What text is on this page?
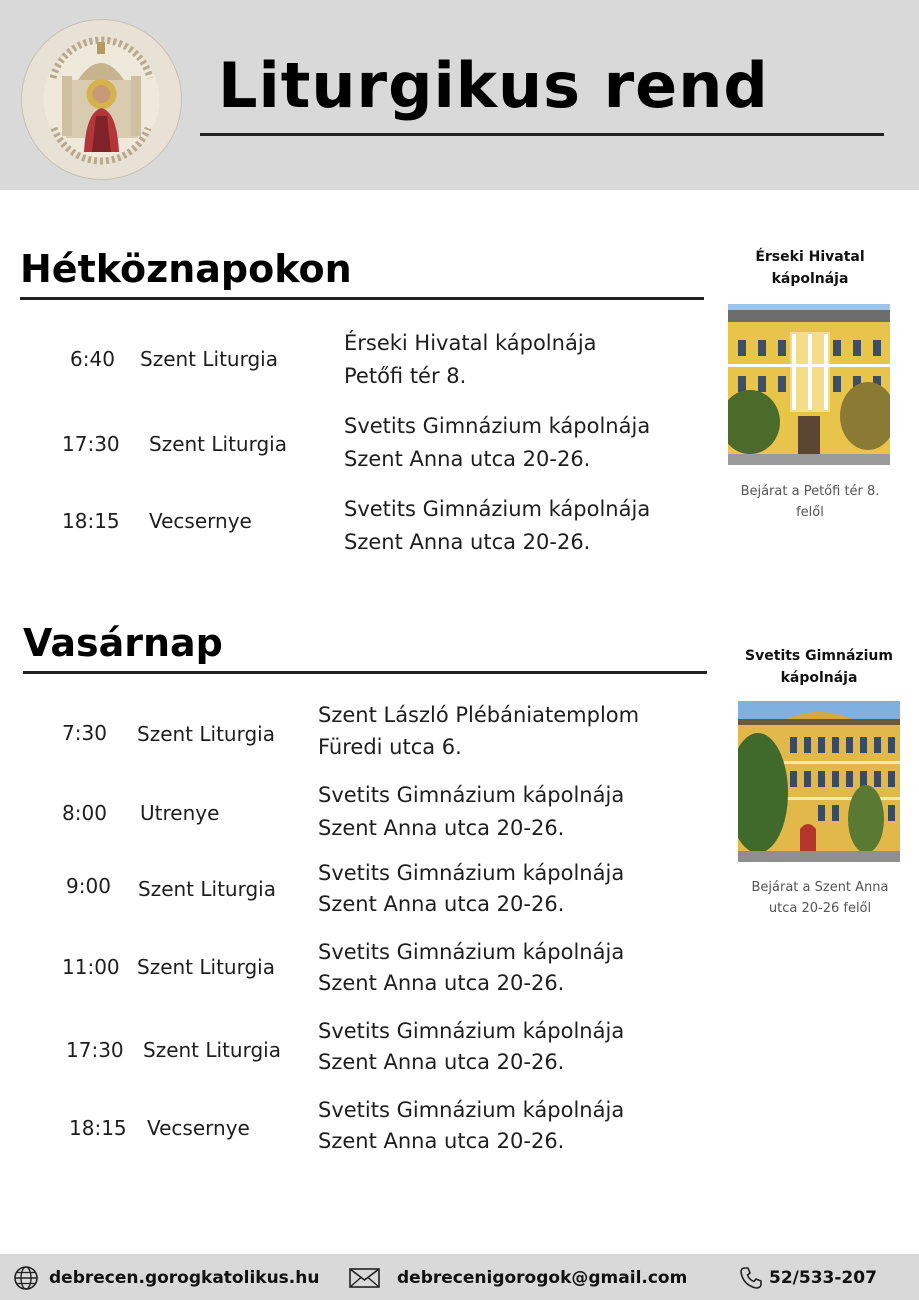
Liturgikus rend
Hétköznapokon
6:40 Szent Liturgia
Érseki Hivatal kápolnája
Petőfi tér 8.
17:30 Szent Liturgia
Svetits Gimnázium kápolnája
Szent Anna utca 20-26.
18:15 Vecsernye	Svetits Gimnázium kápolnája
Szent Anna utca 20-26.
Érseki Hivatal
kápolnája
Bejárat a Petőfi tér 8.
felől
Vasárnap
7:30 Szent Liturgia
Szent László Plébániatemplom
Füredi utca 6.
8:00 Utrenye
Svetits Gimnázium kápolnája
Szent Anna utca 20-26.
9:00 Szent Liturgia
Svetits Gimnázium kápolnája
Szent Anna utca 20-26.
11:00 Szent Liturgia
Svetits Gimnázium kápolnája
Szent Anna utca 20-26.
17:30 Szent Liturgia
Svetits Gimnázium kápolnája
Szent Anna utca 20-26.
18:15 Vecsernye
Svetits Gimnázium kápolnája
Szent Anna utca 20-26.
Svetits Gimnázium
kápolnája
Bejárat a Szent Anna
utca 20-26 felől
debrecen.gorogkatolikus.hu	debrecenigorogok@gmail.com	52/533-207
